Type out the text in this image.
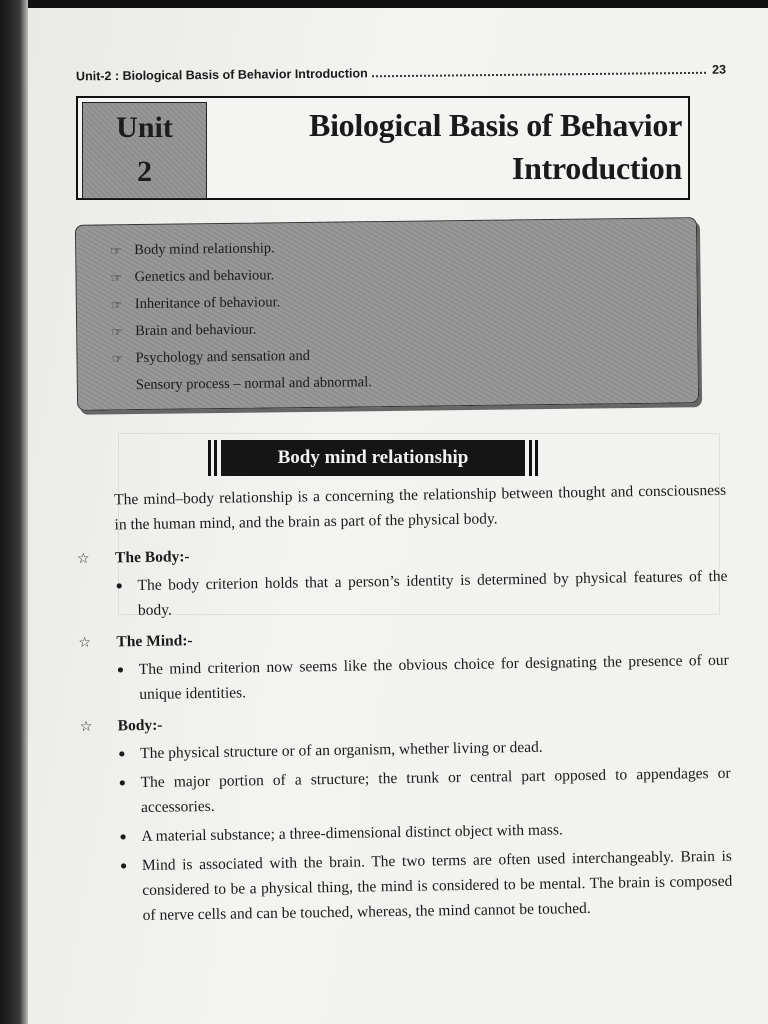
Unit-2 : Biological Basis of Behavior Introduction	23
Unit
2
Biological Basis of Behavior
Introduction
☞ Body mind relationship.
☞ Genetics and behaviour.
☞ Inheritance of behaviour.
☞ Brain and behaviour.
☞ Psychology and sensation and
Sensory process – normal and abnormal.
Body mind relationship

The mind–body relationship is a concerning the relationship between thought and consciousness in the human mind, and the brain as part of the physical body.

☆	The Body:-
● The body criterion holds that a person’s identity is determined by physical features of the body.
☆	The Mind:-
● The mind criterion now seems like the obvious choice for designating the presence of our unique identities.
☆	Body:-
● The physical structure or of an organism, whether living or dead.
● The major portion of a structure; the trunk or central part opposed to appendages or accessories.
● A material substance; a three-dimensional distinct object with mass.
● Mind is associated with the brain. The two terms are often used interchangeably. Brain is considered to be a physical thing, the mind is considered to be mental. The brain is composed of nerve cells and can be touched, whereas, the mind cannot be touched.
